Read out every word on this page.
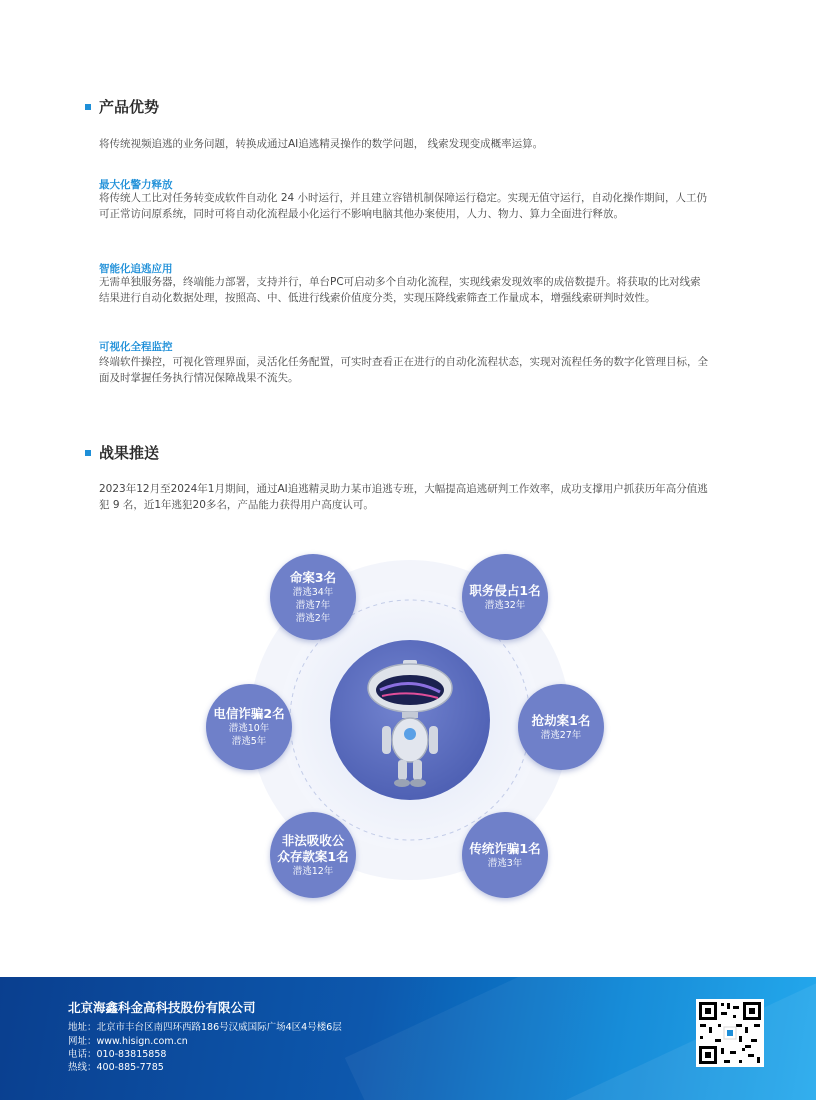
产品优势
将传统视频追逃的业务问题，转换成通过AI追逃精灵操作的数学问题， 线索发现变成概率运算。
最大化警力释放
将传统人工比对任务转变成软件自动化 24 小时运行，并且建立容错机制保障运行稳定。实现无值守运行，自动化操作期间，人工仍可正常访问原系统，同时可将自动化流程最小化运行不影响电脑其他办案使用，人力、物力、算力全面进行释放。
智能化追逃应用
无需单独服务器，终端能力部署，支持并行，单台PC可启动多个自动化流程，实现线索发现效率的成倍数提升。将获取的比对线索结果进行自动化数据处理，按照高、中、低进行线索价值度分类，实现压降线索筛查工作量成本，增强线索研判时效性。
可视化全程监控
终端软件操控，可视化管理界面，灵活化任务配置，可实时查看正在进行的自动化流程状态，实现对流程任务的数字化管理目标，全面及时掌握任务执行情况保障战果不流失。
战果推送
2023年12月至2024年1月期间，通过AI追逃精灵助力某市追逃专班，大幅提高追逃研判工作效率，成功支撑用户抓获历年高分值逃犯 9 名，近1年逃犯20多名，产品能力获得用户高度认可。
命案3名
潜逃34年
潜逃7年
潜逃2年
职务侵占1名
潜逃32年
电信诈骗2名
潜逃10年
潜逃5年
抢劫案1名
潜逃27年
非法吸收公
众存款案1名
潜逃12年
传统诈骗1名
潜逃3年
北京海鑫科金高科技股份有限公司
地址：北京市丰台区南四环西路186号汉威国际广场4区4号楼6层
网址：www.hisign.com.cn
电话：010-83815858
热线：400-885-7785
